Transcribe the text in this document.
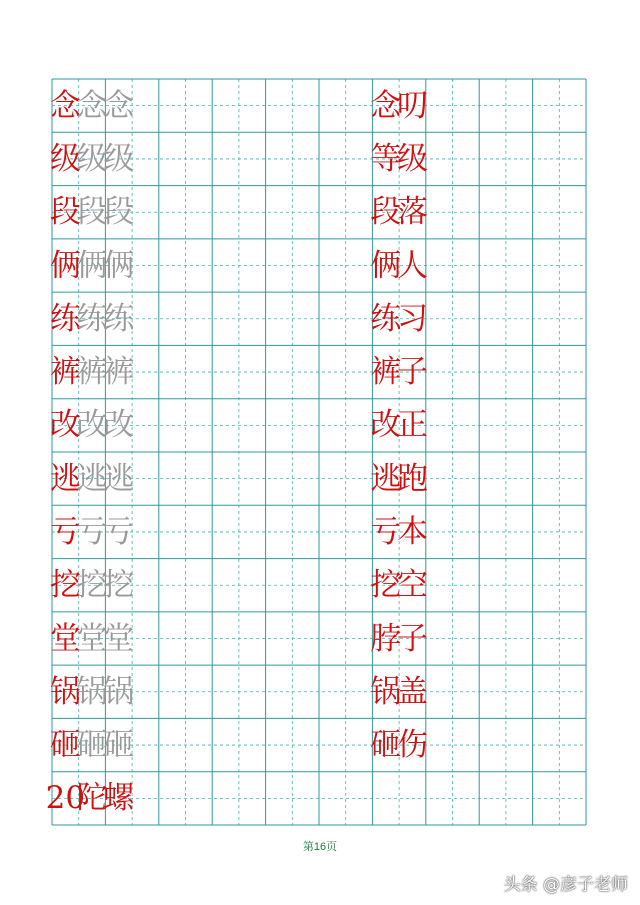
念
念
念
级
级
级
段
段
段
俩
俩
俩
练
练
练
裤
裤
裤
改
改
改
逃
逃
逃
亏
亏
亏
挖
挖
挖
堂
堂
堂
锅
锅
锅
砸
砸
砸
20
陀
螺
念
叨
等
级
段
落
俩
人
练
习
裤
子
改
正
逃
跑
亏
本
挖
空
脖
子
锅
盖
砸
伤
第16页
头条 @彦子老师
